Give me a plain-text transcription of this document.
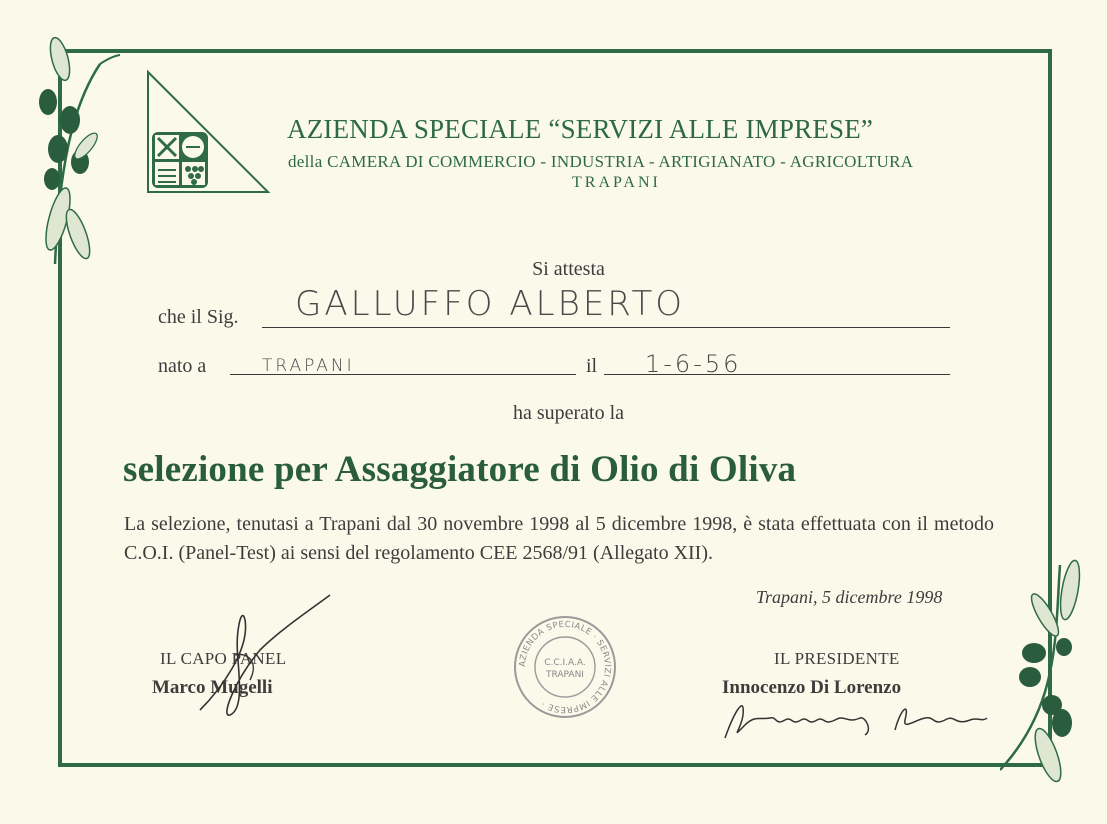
AZIENDA SPECIALE “SERVIZI ALLE IMPRESE”
della CAMERA DI COMMERCIO - INDUSTRIA - ARTIGIANATO - AGRICOLTURA
TRAPANI
Si attesta
che il Sig. GALLUFFO ALBERTO
nato a	TRAPANI	il 1-6-56
ha superato la
selezione per Assaggiatore di Olio di Oliva
La selezione, tenutasi a Trapani dal 30 novembre 1998 al 5 dicembre 1998, è stata effettuata con il metodo C.O.I. (Panel-Test) ai sensi del regolamento CEE 2568/91 (Allegato XII).
Trapani, 5 dicembre 1998
IL CAPO PANEL
Marco Mugelli
AZIENDA SPECIALE · SERVIZI ALLE IMPRESE ·
C.C.I.A.A.
TRAPANI
IL PRESIDENTE
Innocenzo Di Lorenzo
